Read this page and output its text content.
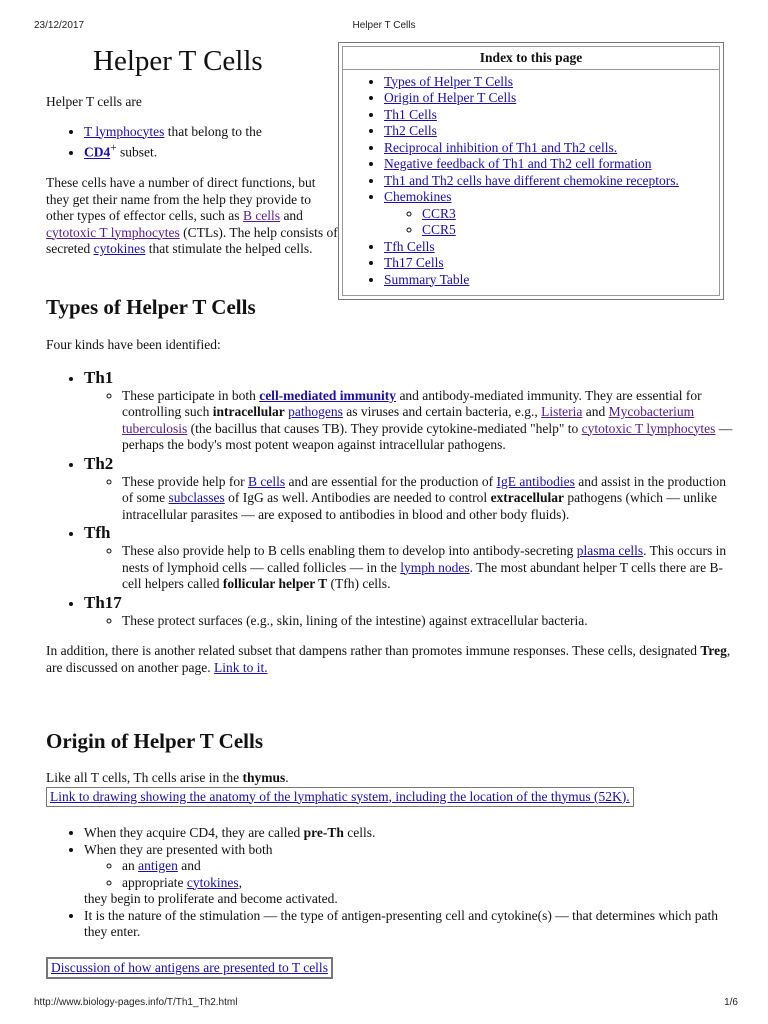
23/12/2017	Helper T Cells
Helper T Cells

Helper T cells are

• T lymphocytes that belong to the
• CD4+ subset.

These cells have a number of direct functions, but they get their name from the help they provide to other types of effector cells, such as B cells and cytotoxic T lymphocytes (CTLs). The help consists of secreted cytokines that stimulate the helped cells.

Index to this page
• Types of Helper T Cells
• Origin of Helper T Cells
• Th1 Cells
• Th2 Cells
• Reciprocal inhibition of Th1 and Th2 cells.
• Negative feedback of Th1 and Th2 cell formation
• Th1 and Th2 cells have different chemokine receptors.
• Chemokines
◦ CCR3
◦ CCR5
• Tfh Cells
• Th17 Cells
• Summary Table
Types of Helper T Cells

Four kinds have been identified:

• Th1
◦ These participate in both cell-mediated immunity and antibody-mediated immunity. They are essential for controlling such intracellular pathogens as viruses and certain bacteria, e.g., Listeria and Mycobacterium tuberculosis (the bacillus that causes TB). They provide cytokine-mediated "help" to cytotoxic T lymphocytes — perhaps the body's most potent weapon against intracellular pathogens.
• Th2
◦ These provide help for B cells and are essential for the production of IgE antibodies and assist in the production of some subclasses of IgG as well. Antibodies are needed to control extracellular pathogens (which — unlike intracellular parasites — are exposed to antibodies in blood and other body fluids).
• Tfh
◦ These also provide help to B cells enabling them to develop into antibody-secreting plasma cells. This occurs in nests of lymphoid cells — called follicles — in the lymph nodes. The most abundant helper T cells there are B-cell helpers called follicular helper T (Tfh) cells.
• Th17
◦ These protect surfaces (e.g., skin, lining of the intestine) against extracellular bacteria.

In addition, there is another related subset that dampens rather than promotes immune responses. These cells, designated Treg, are discussed on another page. Link to it.

Origin of Helper T Cells

Like all T cells, Th cells arise in the thymus.

Link to drawing showing the anatomy of the lymphatic system, including the location of the thymus (52K).
• When they acquire CD4, they are called pre-Th cells.
• When they are presented with both
◦ an antigen and
◦ appropriate cytokines,
they begin to proliferate and become activated.
• It is the nature of the stimulation — the type of antigen-presenting cell and cytokine(s) — that determines which path they enter.
Discussion of how antigens are presented to T cells
http://www.biology-pages.info/T/Th1_Th2.html	1/6
